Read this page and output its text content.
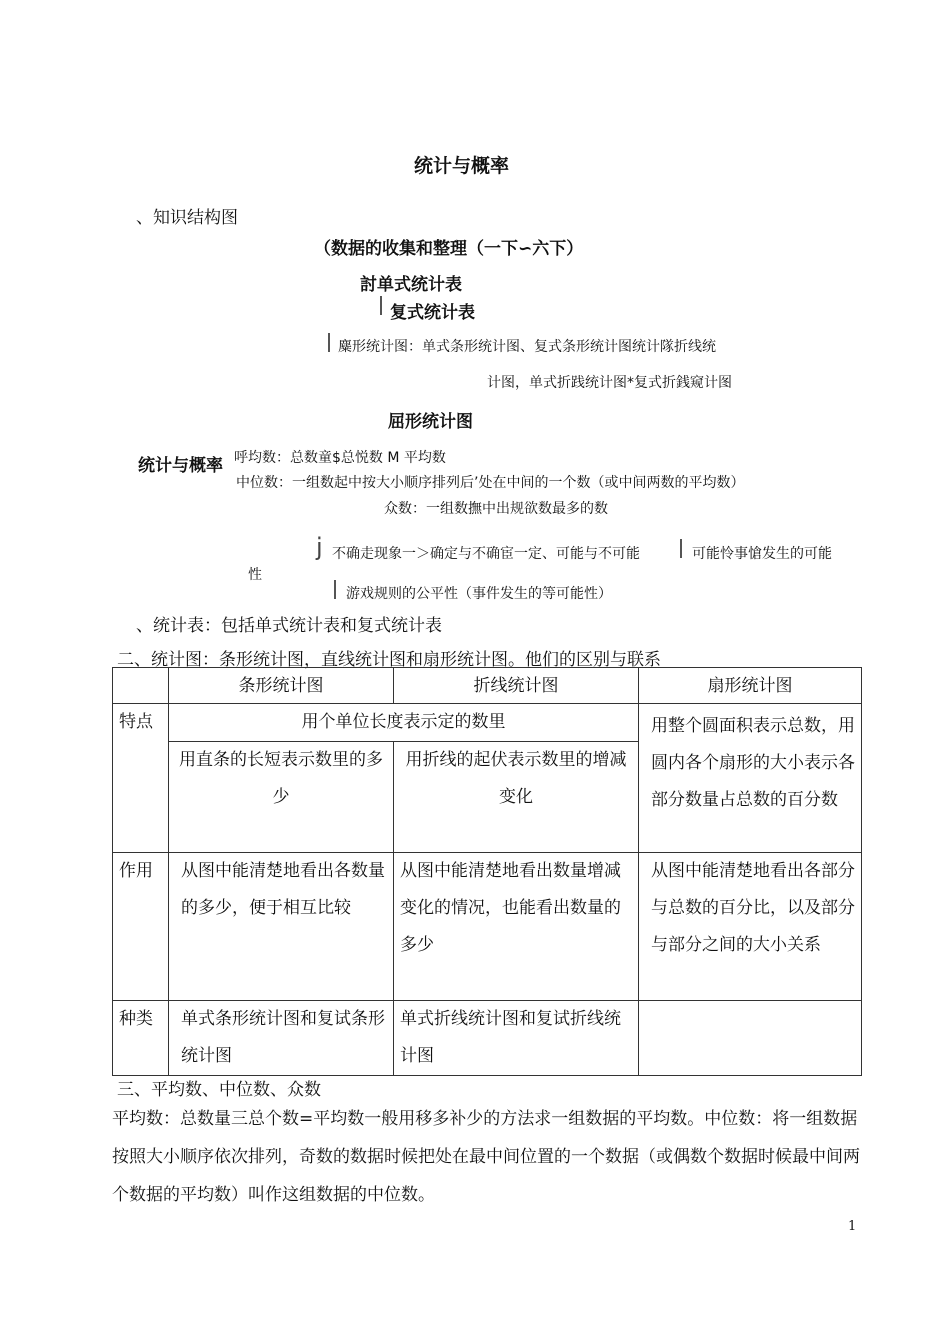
统计与概率
、知识结构图
（数据的收集和整理（一下∽六下）
討单式统计表
复式统计表
麋形统计图：单式条形统计图、复式条形统计图统计隊折线统
计图，单式折践统计图*复式折銭窥计图
屈形统计图
统计与概率 呼均数：总数童$总悦数 M 平均数
中位数：一组数起中按大小顺序排列后’处在中间的一个数（或中间两数的平均数）
众数：一组数撫中出规欲数最多的数
j 不确走现象一＞确定与不确宦一定、可能与不可能	可能怜事愴发生的可能
性
游戏规则的公平性（事件发生的等可能性）
、统计表：包括单式统计表和复式统计表
二、统计图：条形统计图，直线统计图和扇形统计图。他们的区别与联系
	条形统计图	折线统计图	扇形统计图
特点	用个单位长度表示定的数里		用整个圆面积表示总数，用圆内各个扇形的大小表示各部分数量占总数的百分数
	用直条的长短表示数里的多少	用折线的起伏表示数里的增减变化	
作用	从图中能清楚地看出各数量的多少，便于相互比较	从图中能清楚地看出数量增减变化的情况，也能看出数量的多少	从图中能清楚地看出各部分与总数的百分比，以及部分与部分之间的大小关系
种类	单式条形统计图和复试条形统计图	单式折线统计图和复试折线统计图	
三、平均数、中位数、众数
平均数：总数量三总个数=平均数一般用移多补少的方法求一组数据的平均数。中位数：将一组数据按照大小顺序依次排列，奇数的数据时候把处在最中间位置的一个数据（或偶数个数据时候最中间两个数据的平均数）叫作这组数据的中位数。
1
